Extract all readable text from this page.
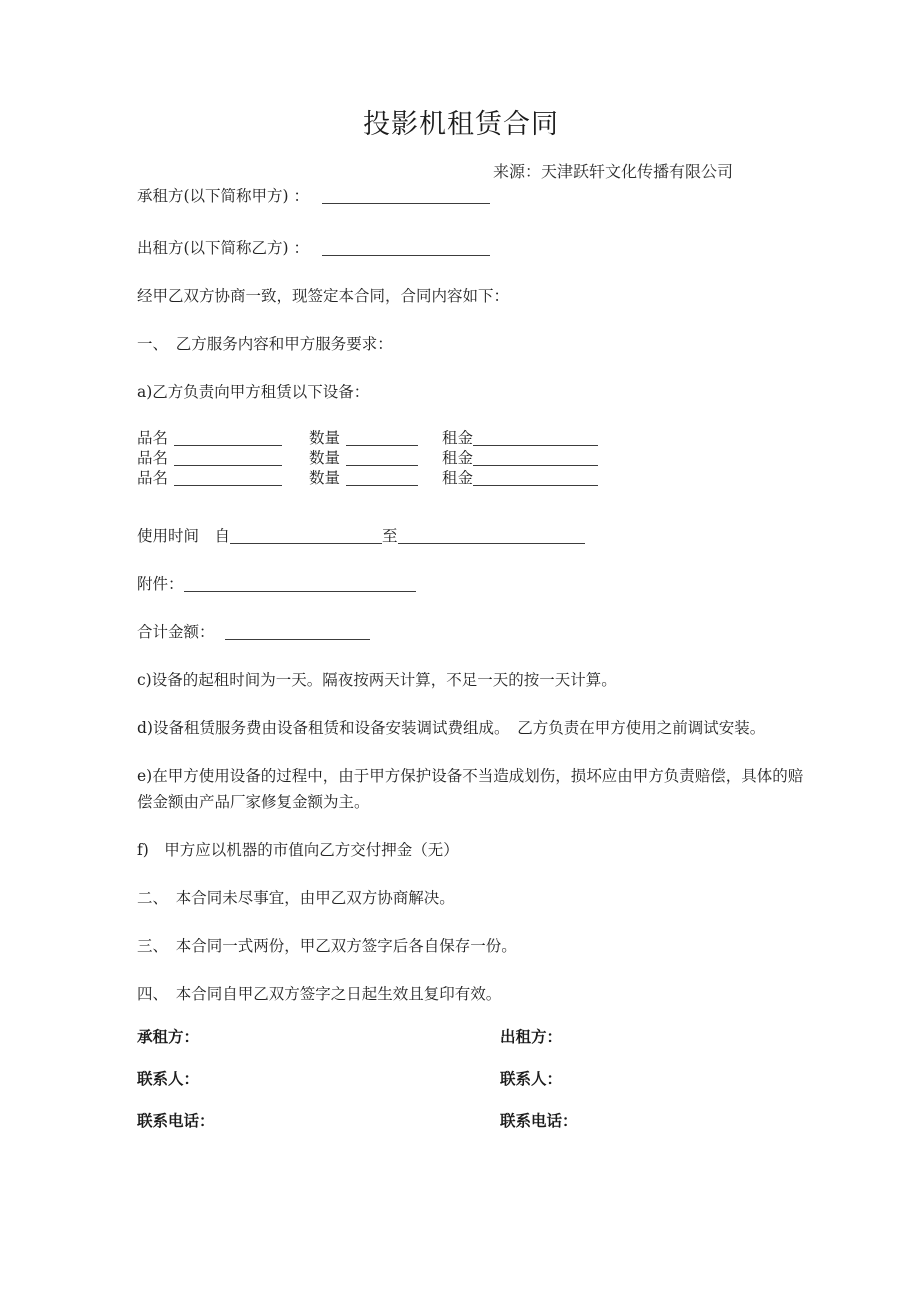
投影机租赁合同
来源：天津跃轩文化传播有限公司
承租方(以下简称甲方) ：
出租方(以下简称乙方) ：
经甲乙双方协商一致，现签定本合同，合同内容如下：
一、　乙方服务内容和甲方服务要求：
a)乙方负责向甲方租赁以下设备：
品名	数量	租金
品名	数量	租金
品名	数量	租金
使用时间　自	至
附件：
合计金额：
c)设备的起租时间为一天。隔夜按两天计算，不足一天的按一天计算。
d)设备租赁服务费由设备租赁和设备安装调试费组成。　乙方负责在甲方使用之前调试安装。
e)在甲方使用设备的过程中，由于甲方保护设备不当造成划伤，损坏应由甲方负责赔偿，具体的赔偿金额由产品厂家修复金额为主。
f)　甲方应以机器的市值向乙方交付押金（无）
二、　本合同未尽事宜，由甲乙双方协商解决。
三、　本合同一式两份，甲乙双方签字后各自保存一份。
四、　本合同自甲乙双方签字之日起生效且复印有效。
承租方：	出租方：
联系人：	联系人：
联系电话：	联系电话：
